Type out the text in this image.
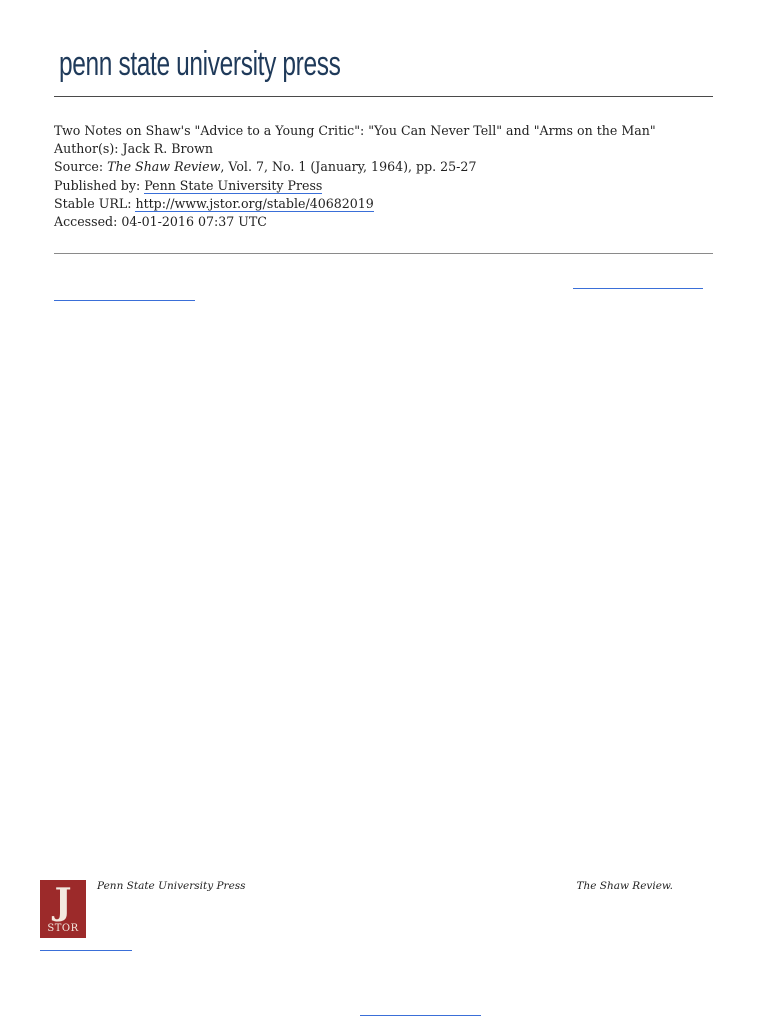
penn state university press
Two Notes on Shaw's "Advice to a Young Critic": "You Can Never Tell" and "Arms on the Man"
Author(s): Jack R. Brown
Source: The Shaw Review, Vol. 7, No. 1 (January, 1964), pp. 25-27
Published by: Penn State University Press
Stable URL: http://www.jstor.org/stable/40682019
Accessed: 04-01-2016 07:37 UTC
J
STOR
Penn State University Press	The Shaw Review.
